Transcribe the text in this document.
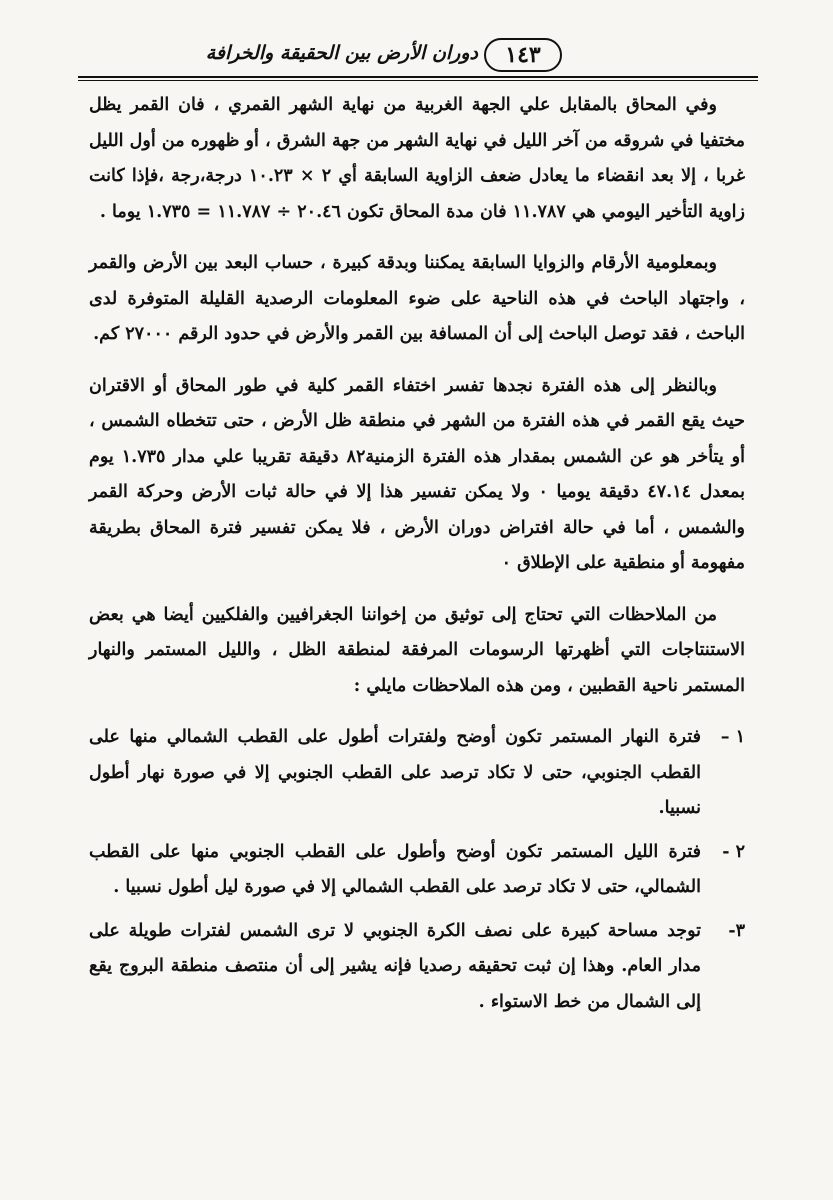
١٤٣
دوران الأرض بين الحقيقة والخرافة

وفي المحاق بالمقابل علي الجهة الغربية من نهاية الشهر القمري ، فان القمر يظل مختفيا في شروقه من آخر الليل في نهاية الشهر من جهة الشرق ، أو ظهوره من أول الليل غربا ، إلا بعد انقضاء ما يعادل ضعف الزاوية السابقة أي ٢ × ١٠.٢٣ درجة،رجة ،فإذا كانت زاوية التأخير اليومي هي ١١.٧٨٧ فان مدة المحاق تكون ٢٠.٤٦ ÷ ١١.٧٨٧ = ١.٧٣٥ يوما .

وبمعلومية الأرقام والزوايا السابقة يمكننا وبدقة كبيرة ، حساب البعد بين الأرض والقمر ، واجتهاد الباحث في هذه الناحية على ضوء المعلومات الرصدية القليلة المتوفرة لدى الباحث ، فقد توصل الباحث إلى أن المسافة بين القمر والأرض في حدود الرقم ٢٧٠٠٠ كم.

وبالنظر إلى هذه الفترة نجدها تفسر اختفاء القمر كلية في طور المحاق أو الاقتران حيث يقع القمر في هذه الفترة من الشهر في منطقة ظل الأرض ، حتى تتخطاه الشمس ، أو يتأخر هو عن الشمس بمقدار هذه الفترة الزمنية٨٢ دقيقة تقريبا علي مدار ١.٧٣٥ يوم بمعدل ٤٧.١٤ دقيقة يوميا ٠ ولا يمكن تفسير هذا إلا في حالة ثبات الأرض وحركة القمر والشمس ، أما في حالة افتراض دوران الأرض ، فلا يمكن تفسير فترة المحاق بطريقة مفهومة أو منطقية على الإطلاق ٠

من الملاحظات التي تحتاج إلى توثيق من إخواننا الجغرافيين والفلكيين أيضا هي بعض الاستنتاجات التي أظهرتها الرسومات المرفقة لمنطقة الظل ، والليل المستمر والنهار المستمر ناحية القطبين ، ومن هذه الملاحظات مايلي :

١ –
فترة النهار المستمر تكون أوضح ولفترات أطول على القطب الشمالي منها على القطب الجنوبي، حتى لا تكاد ترصد على القطب الجنوبي إلا في صورة نهار أطول نسبيا.
٢ -
فترة الليل المستمر تكون أوضح وأطول على القطب الجنوبي منها على القطب الشمالي، حتى لا تكاد ترصد على القطب الشمالي إلا في صورة ليل أطول نسبيا .
٣-
توجد مساحة كبيرة على نصف الكرة الجنوبي لا ترى الشمس لفترات طويلة على مدار العام. وهذا إن ثبت تحقيقه رصديا فإنه يشير إلى أن منتصف منطقة البروج يقع إلى الشمال من خط الاستواء .
